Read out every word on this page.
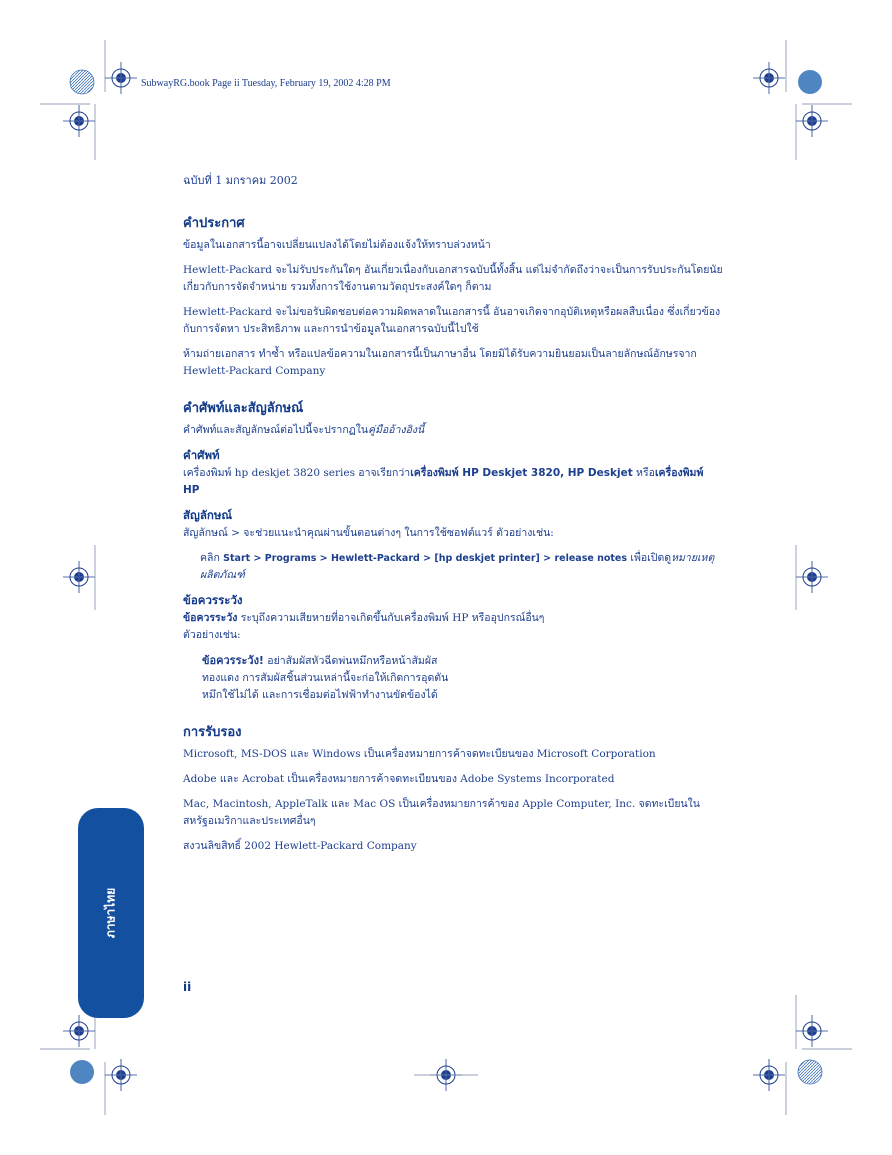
SubwayRG.book Page ii Tuesday, February 19, 2002 4:28 PM

ฉบับที่ 1 มกราคม 2002

คำประกาศ

ข้อมูลในเอกสารนี้อาจเปลี่ยนแปลงได้โดยไม่ต้องแจ้งให้ทราบล่วงหน้า

Hewlett-Packard จะไม่รับประกันใดๆ อันเกี่ยวเนื่องกับเอกสารฉบับนี้ทั้งสิ้น แต่ไม่จำกัดถึงว่าจะเป็นการรับประกันโดยนัยเกี่ยวกับการจัดจำหน่าย รวมทั้งการใช้งานตามวัตถุประสงค์ใดๆ ก็ตาม

Hewlett-Packard จะไม่ขอรับผิดชอบต่อความผิดพลาดในเอกสารนี้ อันอาจเกิดจากอุบัติเหตุหรือผลสืบเนื่อง ซึ่งเกี่ยวข้องกับการจัดหา ประสิทธิภาพ และการนำข้อมูลในเอกสารฉบับนี้ไปใช้

ห้ามถ่ายเอกสาร ทำซ้ำ หรือแปลข้อความในเอกสารนี้เป็นภาษาอื่น โดยมิได้รับความยินยอมเป็นลายลักษณ์อักษรจาก Hewlett-Packard Company

คำศัพท์และสัญลักษณ์

คำศัพท์และสัญลักษณ์ต่อไปนี้จะปรากฏในคู่มืออ้างอิงนี้

คำศัพท์

เครื่องพิมพ์ hp deskjet 3820 series อาจเรียกว่าเครื่องพิมพ์ HP Deskjet 3820, HP Deskjet หรือเครื่องพิมพ์ HP

สัญลักษณ์

สัญลักษณ์ > จะช่วยแนะนำคุณผ่านขั้นตอนต่างๆ ในการใช้ซอฟต์แวร์ ตัวอย่างเช่น:

คลิก Start > Programs > Hewlett-Packard > [hp deskjet printer] > release notes เพื่อเปิดดูหมายเหตุผลิตภัณฑ์

ข้อควรระวัง

ข้อควรระวัง ระบุถึงความเสียหายที่อาจเกิดขึ้นกับเครื่องพิมพ์ HP หรืออุปกรณ์อื่นๆ

ตัวอย่างเช่น:

ข้อควรระวัง! อย่าสัมผัสหัวฉีดพ่นหมึกหรือหน้าสัมผัส

ทองแดง การสัมผัสชิ้นส่วนเหล่านี้จะก่อให้เกิดการอุดตัน

หมึกใช้ไม่ได้ และการเชื่อมต่อไฟฟ้าทำงานขัดข้องได้

การรับรอง

Microsoft, MS-DOS และ Windows เป็นเครื่องหมายการค้าจดทะเบียนของ Microsoft Corporation

Adobe และ Acrobat เป็นเครื่องหมายการค้าจดทะเบียนของ Adobe Systems Incorporated

Mac, Macintosh, AppleTalk และ Mac OS เป็นเครื่องหมายการค้าของ Apple Computer, Inc. จดทะเบียนในสหรัฐอเมริกาและประเทศอื่นๆ

สงวนลิขสิทธิ์ 2002 Hewlett-Packard Company

ii
ภาษาไทย
